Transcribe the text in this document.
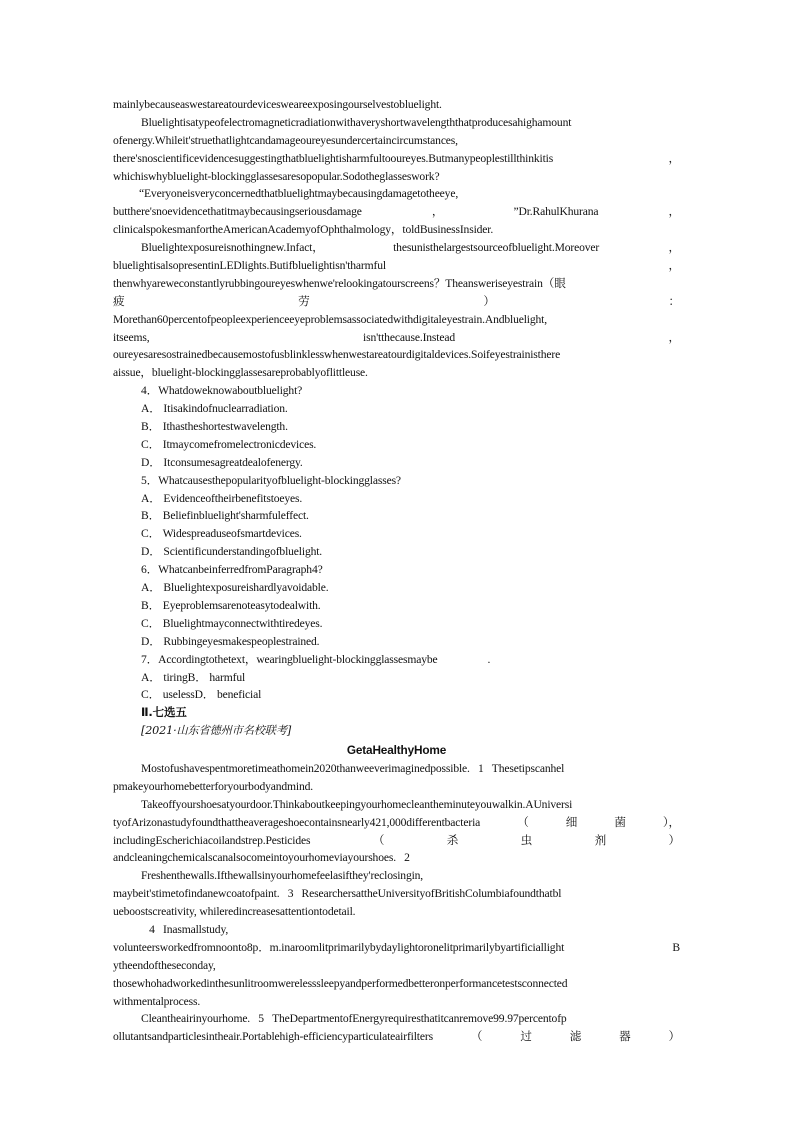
mainlybecauseaswestareatourdevicesweareexposingourselvestobluelight.
Bluelightisatypeofelectromagneticradiationwithaveryshortwavelengththatproducesahighamount
ofenergy.Whileit'struethatlightcandamageoureyesundercertaincircumstances,
there'snoscientificevidencesuggestingthatbluelightisharmfultooureyes.Butmanypeoplestillthinkitis	，
whichiswhybluelight-blockingglassesaresopopular.Sodotheglasseswork?
“Everyoneisveryconcernedthatbluelightmaybecausingdamagetotheeye,
butthere'snoevidencethatitmaybecausingseriousdamage	，	”Dr.RahulKhurana	，
clinicalspokesmanfortheAmericanAcademyofOphthalmology，toldBusinessInsider.
Bluelightexposureisnothingnew.Infact，	thesunisthelargestsourceofbluelight.Moreover	，
bluelightisalsopresentinLEDlights.Butifbluelightisn'tharmful	，
thenwhyareweconstantlyrubbingoureyeswhenwe'relookingatourscreens？Theansweriseyestrain（眼
疲	劳	）	：
Morethan60percentofpeopleexperienceeyeproblemsassociatedwithdigitaleyestrain.Andbluelight,
itseems,	isn'tthecause.Instead	，
oureyesaresostrainedbecausemostofusblinklesswhenwestareatourdigitaldevices.Soifeyestrainisthere
aissue，bluelight-blockingglassesareprobablyoflittleuse.
4．Whatdoweknowaboutbluelight?
A． Itisakindofnuclearradiation.
B． Ithastheshortestwavelength.
C． Itmaycomefromelectronicdevices.
D． Itconsumesagreatdealofenergy.
5．Whatcausesthepopularityofbluelight-blockingglasses?
A． Evidenceoftheirbenefitstoeyes.
B． Beliefinbluelight'sharmfuleffect.
C． Widespreaduseofsmartdevices.
D． Scientificunderstandingofbluelight.
6．WhatcanbeinferredfromParagraph4?
A． Bluelightexposureishardlyavoidable.
B． Eyeproblemsarenoteasytodealwith.
C． Bluelightmayconnectwithtiredeyes.
D． Rubbingeyesmakespeoplestrained.
7．Accordingtothetext，wearingbluelight-blockingglassesmaybe	.
A． tiringB． harmful
C． uselessD． beneficial
Ⅱ.七选五
[2021·山东省德州市名校联考]
GetaHealthyHome
Mostofushavespentmoretimeathomein2020thanweeverimaginedpossible. 1 Thesetipscanhel
pmakeyourhomebetterforyourbodyandmind.
Takeoffyourshoesatyourdoor.Thinkaboutkeepingyourhomecleantheminuteyouwalkin.AUniversi
tyofArizonastudyfoundthattheaverageshoecontainsnearly421,000differentbacteria	（	细	菌	），
includingEscherichiacoilandstrep.Pesticides	（	杀	虫	剂	）
andcleaningchemicalscanalsocomeintoyourhomeviayourshoes. 2
Freshenthewalls.Ifthewallsinyourhomefeelasifthey'reclosingin,
maybeit'stimetofindanewcoatofpaint. 3 ResearchersattheUniversityofBritishColumbiafoundthatbl
ueboostscreativity, whileredincreasesattentiontodetail.
4 Inasmallstudy,
volunteersworkedfromnoonto8p．m.inaroomlitprimarilybydaylightoronelitprimarilybyartificiallight	B
ytheendoftheseconday,
thosewhohadworkedinthesunlitroomwerelesssleepyandperformedbetteronperformancetestsconnected
withmentalprocess.
Cleantheairinyourhome. 5 TheDepartmentofEnergyrequiresthatitcanremove99.97percentofp
ollutantsandparticlesintheair.Portablehigh-efficiencyparticulateairfilters	（	过	滤	器	）
